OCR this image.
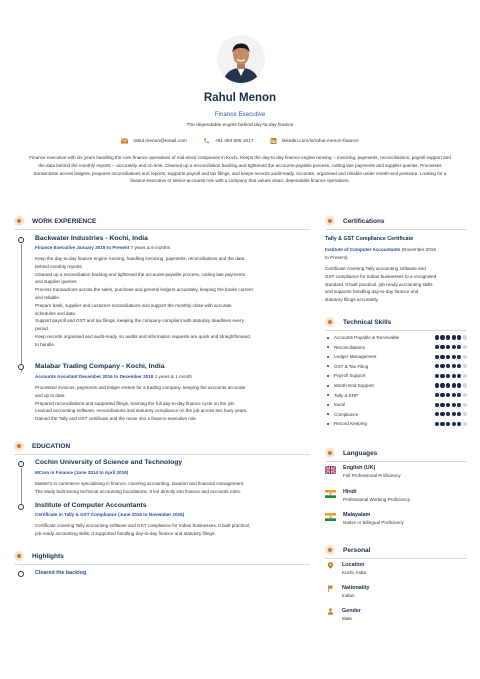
Rahul Menon
Finance Executive
The dependable engine behind day-to-day finance
rahul.menon@email.com	+91 484 555 1017	linkedin.com/in/rahul-menon-finance
Finance executive with six years handling the core finance operations of mid-sized companies in Kochi. Keeps the day-to-day finance engine running -- invoicing, payments, reconciliations, payroll support and the data behind the monthly reports -- accurately and on time. Cleaned up a reconciliation backlog and tightened the accounts-payable process, cutting late payments and supplier queries. Processes transactions across ledgers, prepares reconciliations and reports, supports payroll and tax filings, and keeps records audit-ready. Accurate, organised and reliable under month-end pressure. Looking for a finance-executive or senior-accounts role with a company that values clean, dependable finance operations.
WORK EXPERIENCE
Backwater Industries - Kochi, India
Finance Executive January 2019 to Present 7 years & 9 months
Keep the day-to-day finance engine running, handling invoicing, payments, reconciliations and the data
behind monthly reports.
Cleaned up a reconciliation backlog and tightened the accounts-payable process, cutting late payments
and supplier queries.
Process transactions across the sales, purchase and general ledgers accurately, keeping the books current
and reliable.
Prepare bank, supplier and customer reconciliations and support the monthly close with accurate
schedules and data.
Support payroll and GST and tax filings, keeping the company compliant with statutory deadlines every
period.
Keep records organised and audit-ready, so audits and information requests are quick and straightforward
to handle.
Malabar Trading Company - Kochi, India
Accounts Assistant December 2016 to December 2018 2 years & 1 month
Processed invoices, payments and ledger entries for a trading company, keeping the accounts accurate
and up to date.
Prepared reconciliations and supported filings, learning the full day-to-day finance cycle on the job.
Learned accounting software, reconciliations and statutory compliance on the job across two busy years.
Gained the Tally and GST certificate and the move into a finance-executive role.
EDUCATION
Cochin University of Science and Technology
MCom in Finance (June 2014 to April 2016)
Master's in commerce specialising in finance, covering accounting, taxation and financial management.
The study built strong technical accounting foundations. It led directly into finance and accounts roles.
Institute of Computer Accountants
Certificate in Tally & GST Compliance (June 2016 to November 2016)
Certificate covering Tally accounting software and GST compliance for Indian businesses. It built practical,
job-ready accounting skills. It supported handling day-to-day finance and statutory filings.
Highlights
Cleared the backlog
Certifications
Tally & GST Compliance Certificate
Institute of Computer Accountants (November 2016
to Present)
Certificate covering Tally accounting software and
GST compliance for Indian businesses to a recognised
standard. It built practical, job-ready accounting skills
and supports handling day-to-day finance and
statutory filings accurately.
Technical Skills
Accounts Payable & Receivable
Reconciliations
Ledger Management
GST & Tax Filing
Payroll Support
Month-End Support
Tally & ERP
Excel
Compliance
Record Keeping
Languages
English (UK)
Full Professional Proficiency
Hindi
Professional Working Proficiency
Malayalam
Native or Bilingual Proficiency
Personal
Location
Kochi, India
Nationality
Indian
Gender
Male
